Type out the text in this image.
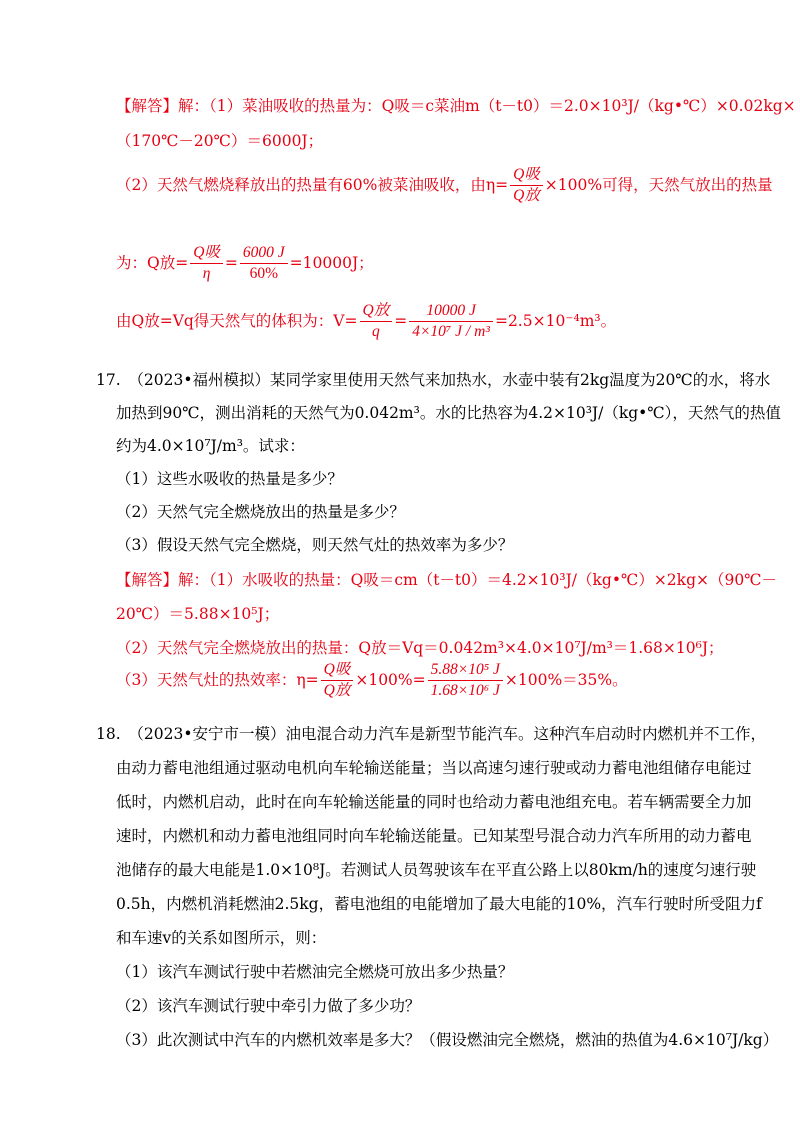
【解答】解：（1）菜油吸收的热量为：Q吸＝c菜油m（t－t0）＝2.0×10³J/（kg•℃）×0.02kg×
（170℃－20℃）＝6000J；
（2）天然气燃烧释放出的热量有60%被菜油吸收，由$\eta= \frac{\text{Q吸}}{\text{Q放}} \times 100\%$可得，天然气放出的热量
为：Q放= $\frac{\text{Q吸}}{\eta} = \frac{6000 J}{60\%} =10000J$；
由Q放=Vq得天然气的体积为：$V= \frac{\text{Q放}}{q} = \frac{10000 J}{\text{4×10⁷ J / m³}} =2.5\times 10^{-4}m^3$。
17.　（2023•福州模拟）某同学家里使用天然气来加热水，水壶中装有2kg温度为20℃的水，将水
加热到90℃，测出消耗的天然气为0.042m³。水的比热容为4.2×10³J/（kg•℃），天然气的热值
约为4.0×10⁷J/m³。试求：
（1）这些水吸收的热量是多少？
（2）天然气完全燃烧放出的热量是多少？
（3）假设天然气完全燃烧，则天然气灶的热效率为多少？
【解答】解：（1）水吸收的热量：Q吸＝cm（t－t0）＝4.2×10³J/（kg•℃）×2kg×（90℃－
20℃）＝5.88×10⁵J；
（2）天然气完全燃烧放出的热量：Q放＝Vq＝0.042m³×4.0×10⁷J/m³＝1.68×10⁶J；
（3）天然气灶的热效率：$\eta= \frac{\text{Q吸}}{\text{Q放}} \times 100\%= \frac{\text{5.88×10⁵ J}}{\text{1.68×10⁶ J}} \times 100\%=35\%$。
18.　（2023•安宁市一模）油电混合动力汽车是新型节能汽车。这种汽车启动时内燃机并不工作，
由动力蓄电池组通过驱动电机向车轮输送能量；当以高速匀速行驶或动力蓄电池组储存电能过
低时，内燃机启动，此时在向车轮输送能量的同时也给动力蓄电池组充电。若车辆需要全力加
速时，内燃机和动力蓄电池组同时向车轮输送能量。已知某型号混合动力汽车所用的动力蓄电
池储存的最大电能是1.0×10⁸J。若测试人员驾驶该车在平直公路上以80km/h的速度匀速行驶
0.5h，内燃机消耗燃油2.5kg，蓄电池组的电能增加了最大电能的10%，汽车行驶时所受阻力f
和车速v的关系如图所示，则：
（1）该汽车测试行驶中若燃油完全燃烧可放出多少热量？
（2）该汽车测试行驶中牵引力做了多少功？
（3）此次测试中汽车的内燃机效率是多大？（假设燃油完全燃烧，燃油的热值为4.6×10⁷J/kg）
